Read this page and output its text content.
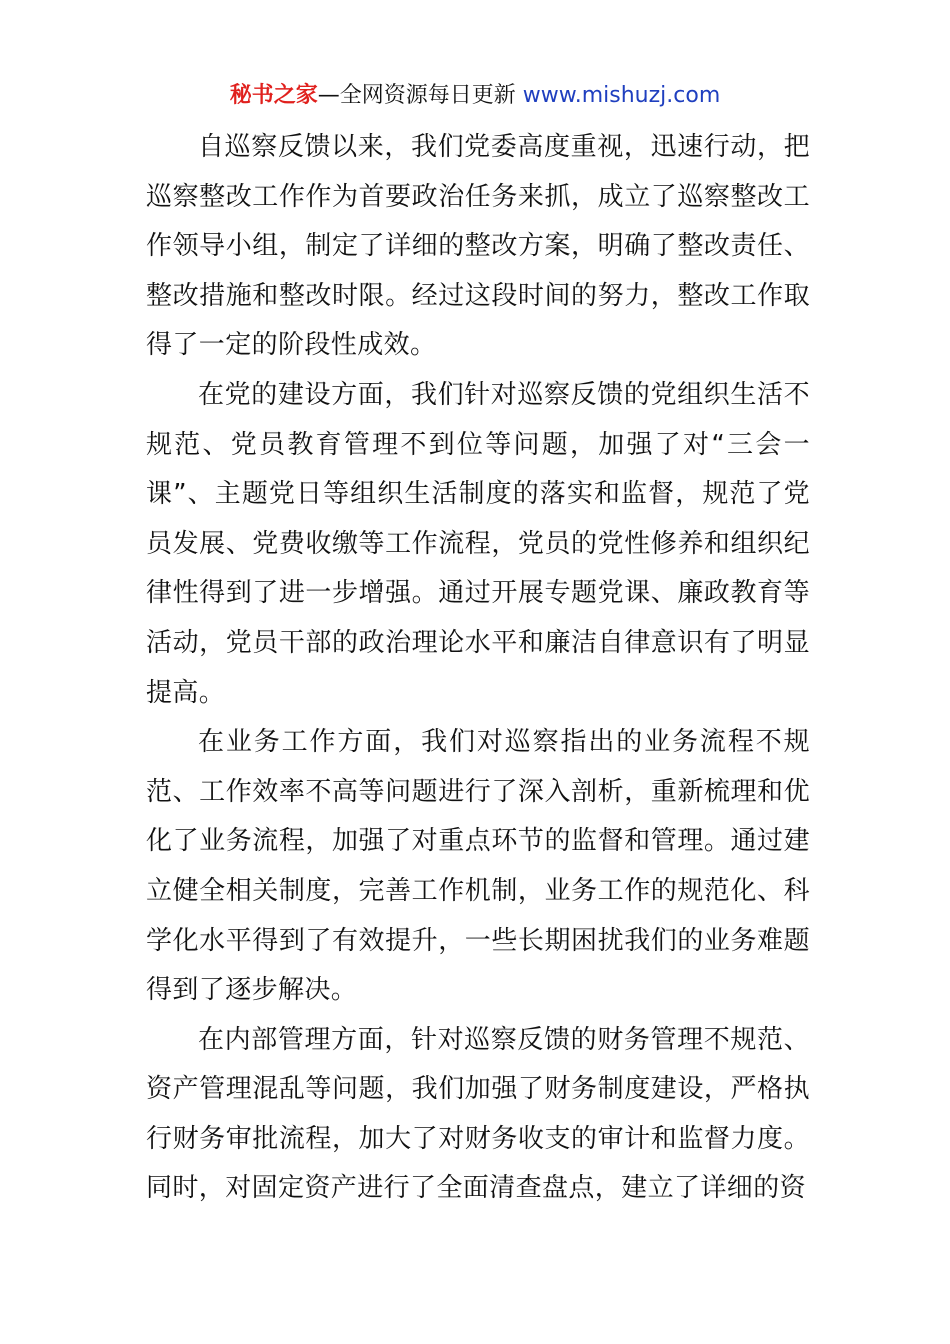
秘书之家—全网资源每日更新 www.mishuzj.com

自巡察反馈以来，我们党委高度重视，迅速行动，把巡察整改工作作为首要政治任务来抓，成立了巡察整改工作领导小组，制定了详细的整改方案，明确了整改责任、整改措施和整改时限。经过这段时间的努力，整改工作取得了一定的阶段性成效。

在党的建设方面，我们针对巡察反馈的党组织生活不规范、党员教育管理不到位等问题，加强了对“三会一课”、主题党日等组织生活制度的落实和监督，规范了党员发展、党费收缴等工作流程，党员的党性修养和组织纪律性得到了进一步增强。通过开展专题党课、廉政教育等活动，党员干部的政治理论水平和廉洁自律意识有了明显提高。

在业务工作方面，我们对巡察指出的业务流程不规范、工作效率不高等问题进行了深入剖析，重新梳理和优化了业务流程，加强了对重点环节的监督和管理。通过建立健全相关制度，完善工作机制，业务工作的规范化、科学化水平得到了有效提升，一些长期困扰我们的业务难题得到了逐步解决。

在内部管理方面，针对巡察反馈的财务管理不规范、资产管理混乱等问题，我们加强了财务制度建设，严格执行财务审批流程，加大了对财务收支的审计和监督力度。同时，对固定资产进行了全面清查盘点，建立了详细的资
